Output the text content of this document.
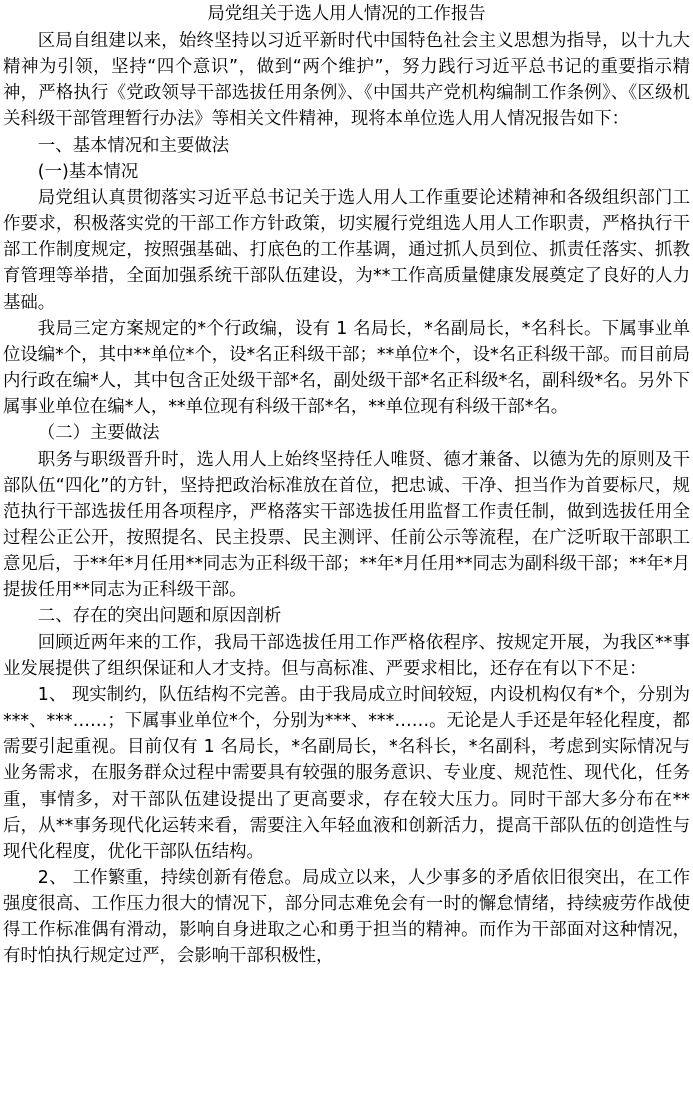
局党组关于选人用人情况的工作报告

区局自组建以来，始终坚持以习近平新时代中国特色社会主义思想为指导，以十九大精神为引领，坚持“四个意识”，做到“两个维护”，努力践行习近平总书记的重要指示精神，严格执行《党政领导干部选拔任用条例》、《中国共产党机构编制工作条例》、《区级机关科级干部管理暂行办法》等相关文件精神，现将本单位选人用人情况报告如下：

一、基本情况和主要做法

(一)基本情况

局党组认真贯彻落实习近平总书记关于选人用人工作重要论述精神和各级组织部门工作要求，积极落实党的干部工作方针政策，切实履行党组选人用人工作职责，严格执行干部工作制度规定，按照强基础、打底色的工作基调，通过抓人员到位、抓责任落实、抓教育管理等举措，全面加强系统干部队伍建设，为**工作高质量健康发展奠定了良好的人力基础。

我局三定方案规定的*个行政编，设有 1 名局长，*名副局长，*名科长。下属事业单位设编*个，其中**单位*个，设*名正科级干部；**单位*个，设*名正科级干部。而目前局内行政在编*人，其中包含正处级干部*名，副处级干部*名正科级*名，副科级*名。另外下属事业单位在编*人，**单位现有科级干部*名，**单位现有科级干部*名。

（二）主要做法

职务与职级晋升时，选人用人上始终坚持任人唯贤、德才兼备、以德为先的原则及干部队伍“四化”的方针，坚持把政治标准放在首位，把忠诚、干净、担当作为首要标尺，规范执行干部选拔任用各项程序，严格落实干部选拔任用监督工作责任制，做到选拔任用全过程公正公开，按照提名、民主投票、民主测评、任前公示等流程，在广泛听取干部职工意见后，于**年*月任用**同志为正科级干部；**年*月任用**同志为副科级干部；**年*月提拔任用**同志为正科级干部。

二、存在的突出问题和原因剖析

回顾近两年来的工作，我局干部选拔任用工作严格依程序、按规定开展，为我区**事业发展提供了组织保证和人才支持。但与高标准、严要求相比，还存在有以下不足：

1、 现实制约，队伍结构不完善。由于我局成立时间较短，内设机构仅有*个，分别为***、***……；下属事业单位*个，分别为***、***……。无论是人手还是年轻化程度，都需要引起重视。目前仅有 1 名局长，*名副局长，*名科长，*名副科，考虑到实际情况与业务需求，在服务群众过程中需要具有较强的服务意识、专业度、规范性、现代化，任务重，事情多，对干部队伍建设提出了更高要求，存在较大压力。同时干部大多分布在**后，从**事务现代化运转来看，需要注入年轻血液和创新活力，提高干部队伍的创造性与现代化程度，优化干部队伍结构。

2、 工作繁重，持续创新有倦怠。局成立以来，人少事多的矛盾依旧很突出，在工作强度很高、工作压力很大的情况下，部分同志难免会有一时的懈怠情绪，持续疲劳作战使得工作标准偶有滑动，影响自身进取之心和勇于担当的精神。而作为干部面对这种情况，有时怕执行规定过严，会影响干部积极性，
